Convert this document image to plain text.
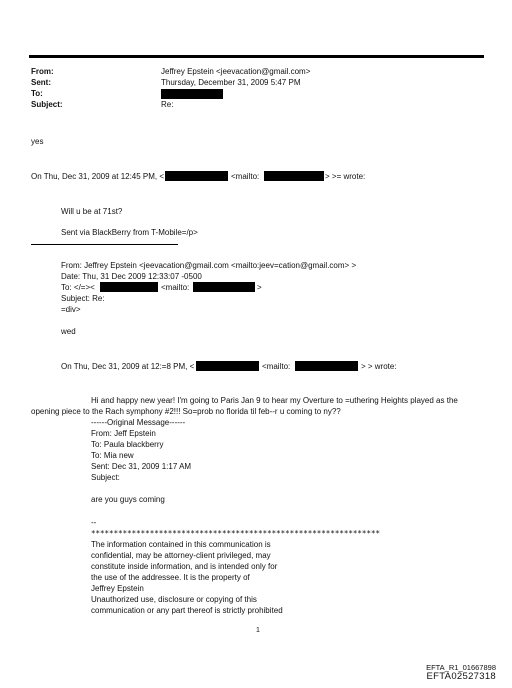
From:	Jeffrey Epstein <jeevacation@gmail.com>
Sent:	Thursday, December 31, 2009 5:47 PM
To:
Subject:	Re:
yes
On Thu, Dec 31, 2009 at 12:45 PM, <	<mailto:	> >= wrote:
Will u be at 71st?
Sent via BlackBerry from T-Mobile=/p>
From: Jeffrey Epstein <jeevacation@gmail.com <mailto:jeev=cation@gmail.com> >
Date: Thu, 31 Dec 2009 12:33:07 -0500
To: </=><	<mailto:	>
Subject: Re:
=div>
wed
On Thu, Dec 31, 2009 at 12:=8 PM, <	<mailto:	> > wrote:
Hi and happy new year! I'm going to Paris Jan 9 to hear my Overture to =uthering Heights played as the
opening piece to the Rach symphony #2!!! So=prob no florida til feb--r u coming to ny??
------Original Message------
From: Jeff Epstein
To: Paula blackberry
To: Mia new
Sent: Dec 31, 2009 1:17 AM
Subject:
are you guys coming
--
****************************************************************
The information contained in this communication is
confidential, may be attorney-client privileged, may
constitute inside information, and is intended only for
the use of the addressee. It is the property of
Jeffrey Epstein
Unauthorized use, disclosure or copying of this
communication or any part thereof is strictly prohibited
1
EFTA_R1_01667898
EFTA02527318
